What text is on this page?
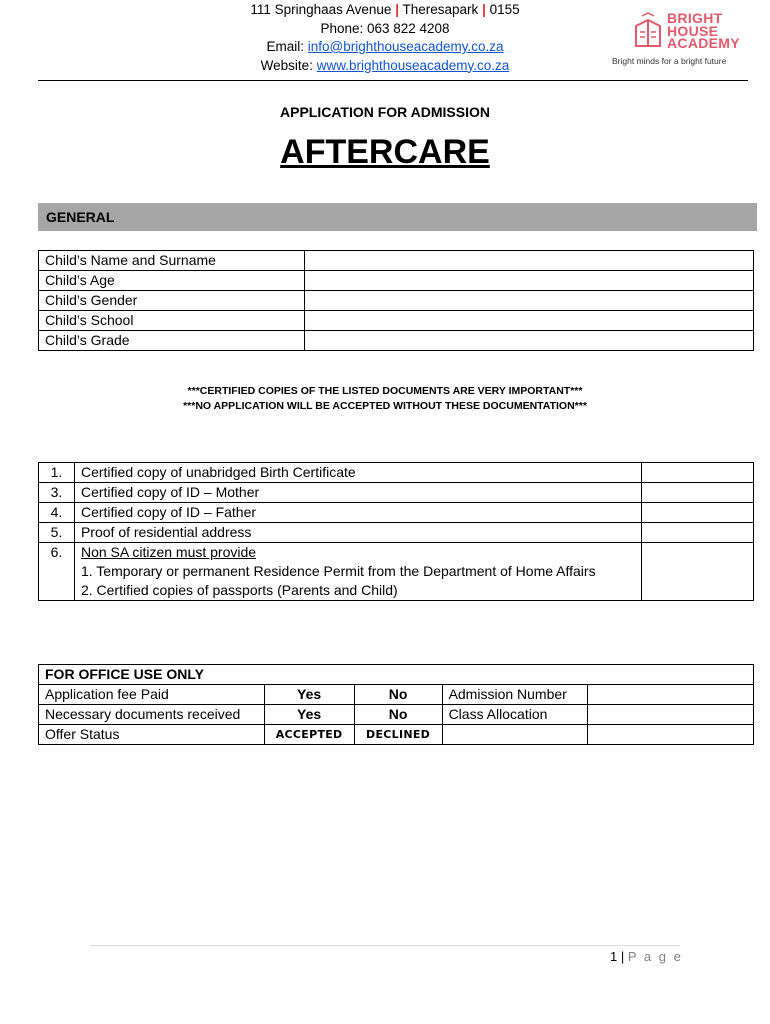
111 Springhaas Avenue | Theresapark | 0155
Phone: 063 822 4208
Email: info@brighthouseacademy.co.za
Website: www.brighthouseacademy.co.za
BRIGHT
HOUSE
ACADEMY
Bright minds for a bright future
APPLICATION FOR ADMISSION
AFTERCARE
GENERAL
Child’s Name and Surname	
Child’s Age	
Child’s Gender	
Child’s School	
Child’s Grade	
***CERTIFIED COPIES OF THE LISTED DOCUMENTS ARE VERY IMPORTANT***
***NO APPLICATION WILL BE ACCEPTED WITHOUT THESE DOCUMENTATION***
1.	Certified copy of unabridged Birth Certificate	
3.	Certified copy of ID – Mother	
4.	Certified copy of ID – Father	
5.	Proof of residential address	
6.	Non SA citizen must provide
1. Temporary or permanent Residence Permit from the Department of Home Affairs
2. Certified copies of passports (Parents and Child)	

FOR OFFICE USE ONLY				
Application fee Paid	Yes	No	Admission Number	
Necessary documents received	Yes	No	Class Allocation	
Offer Status	ACCEPTED	DECLINED		
1 | P a g e
